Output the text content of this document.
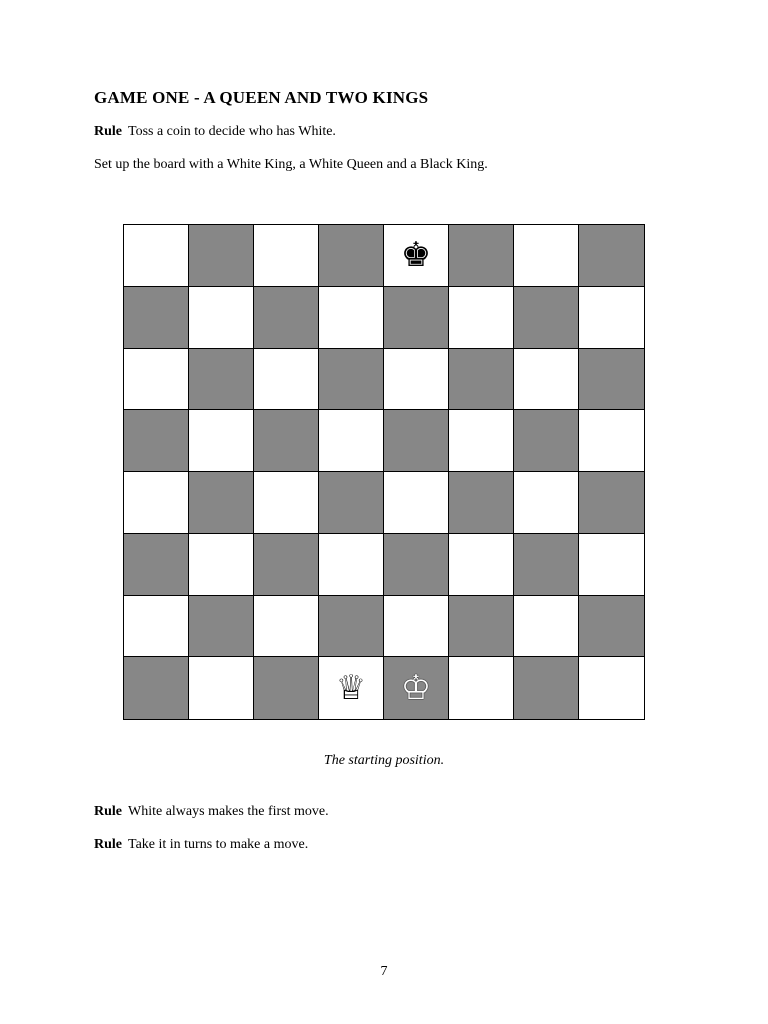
GAME ONE - A QUEEN AND TWO KINGS
Rule Toss a coin to decide who has White.
Set up the board with a White King, a White Queen and a Black King.
♚
♕ ♔
The starting position.
Rule White always makes the first move.
Rule Take it in turns to make a move.
7
